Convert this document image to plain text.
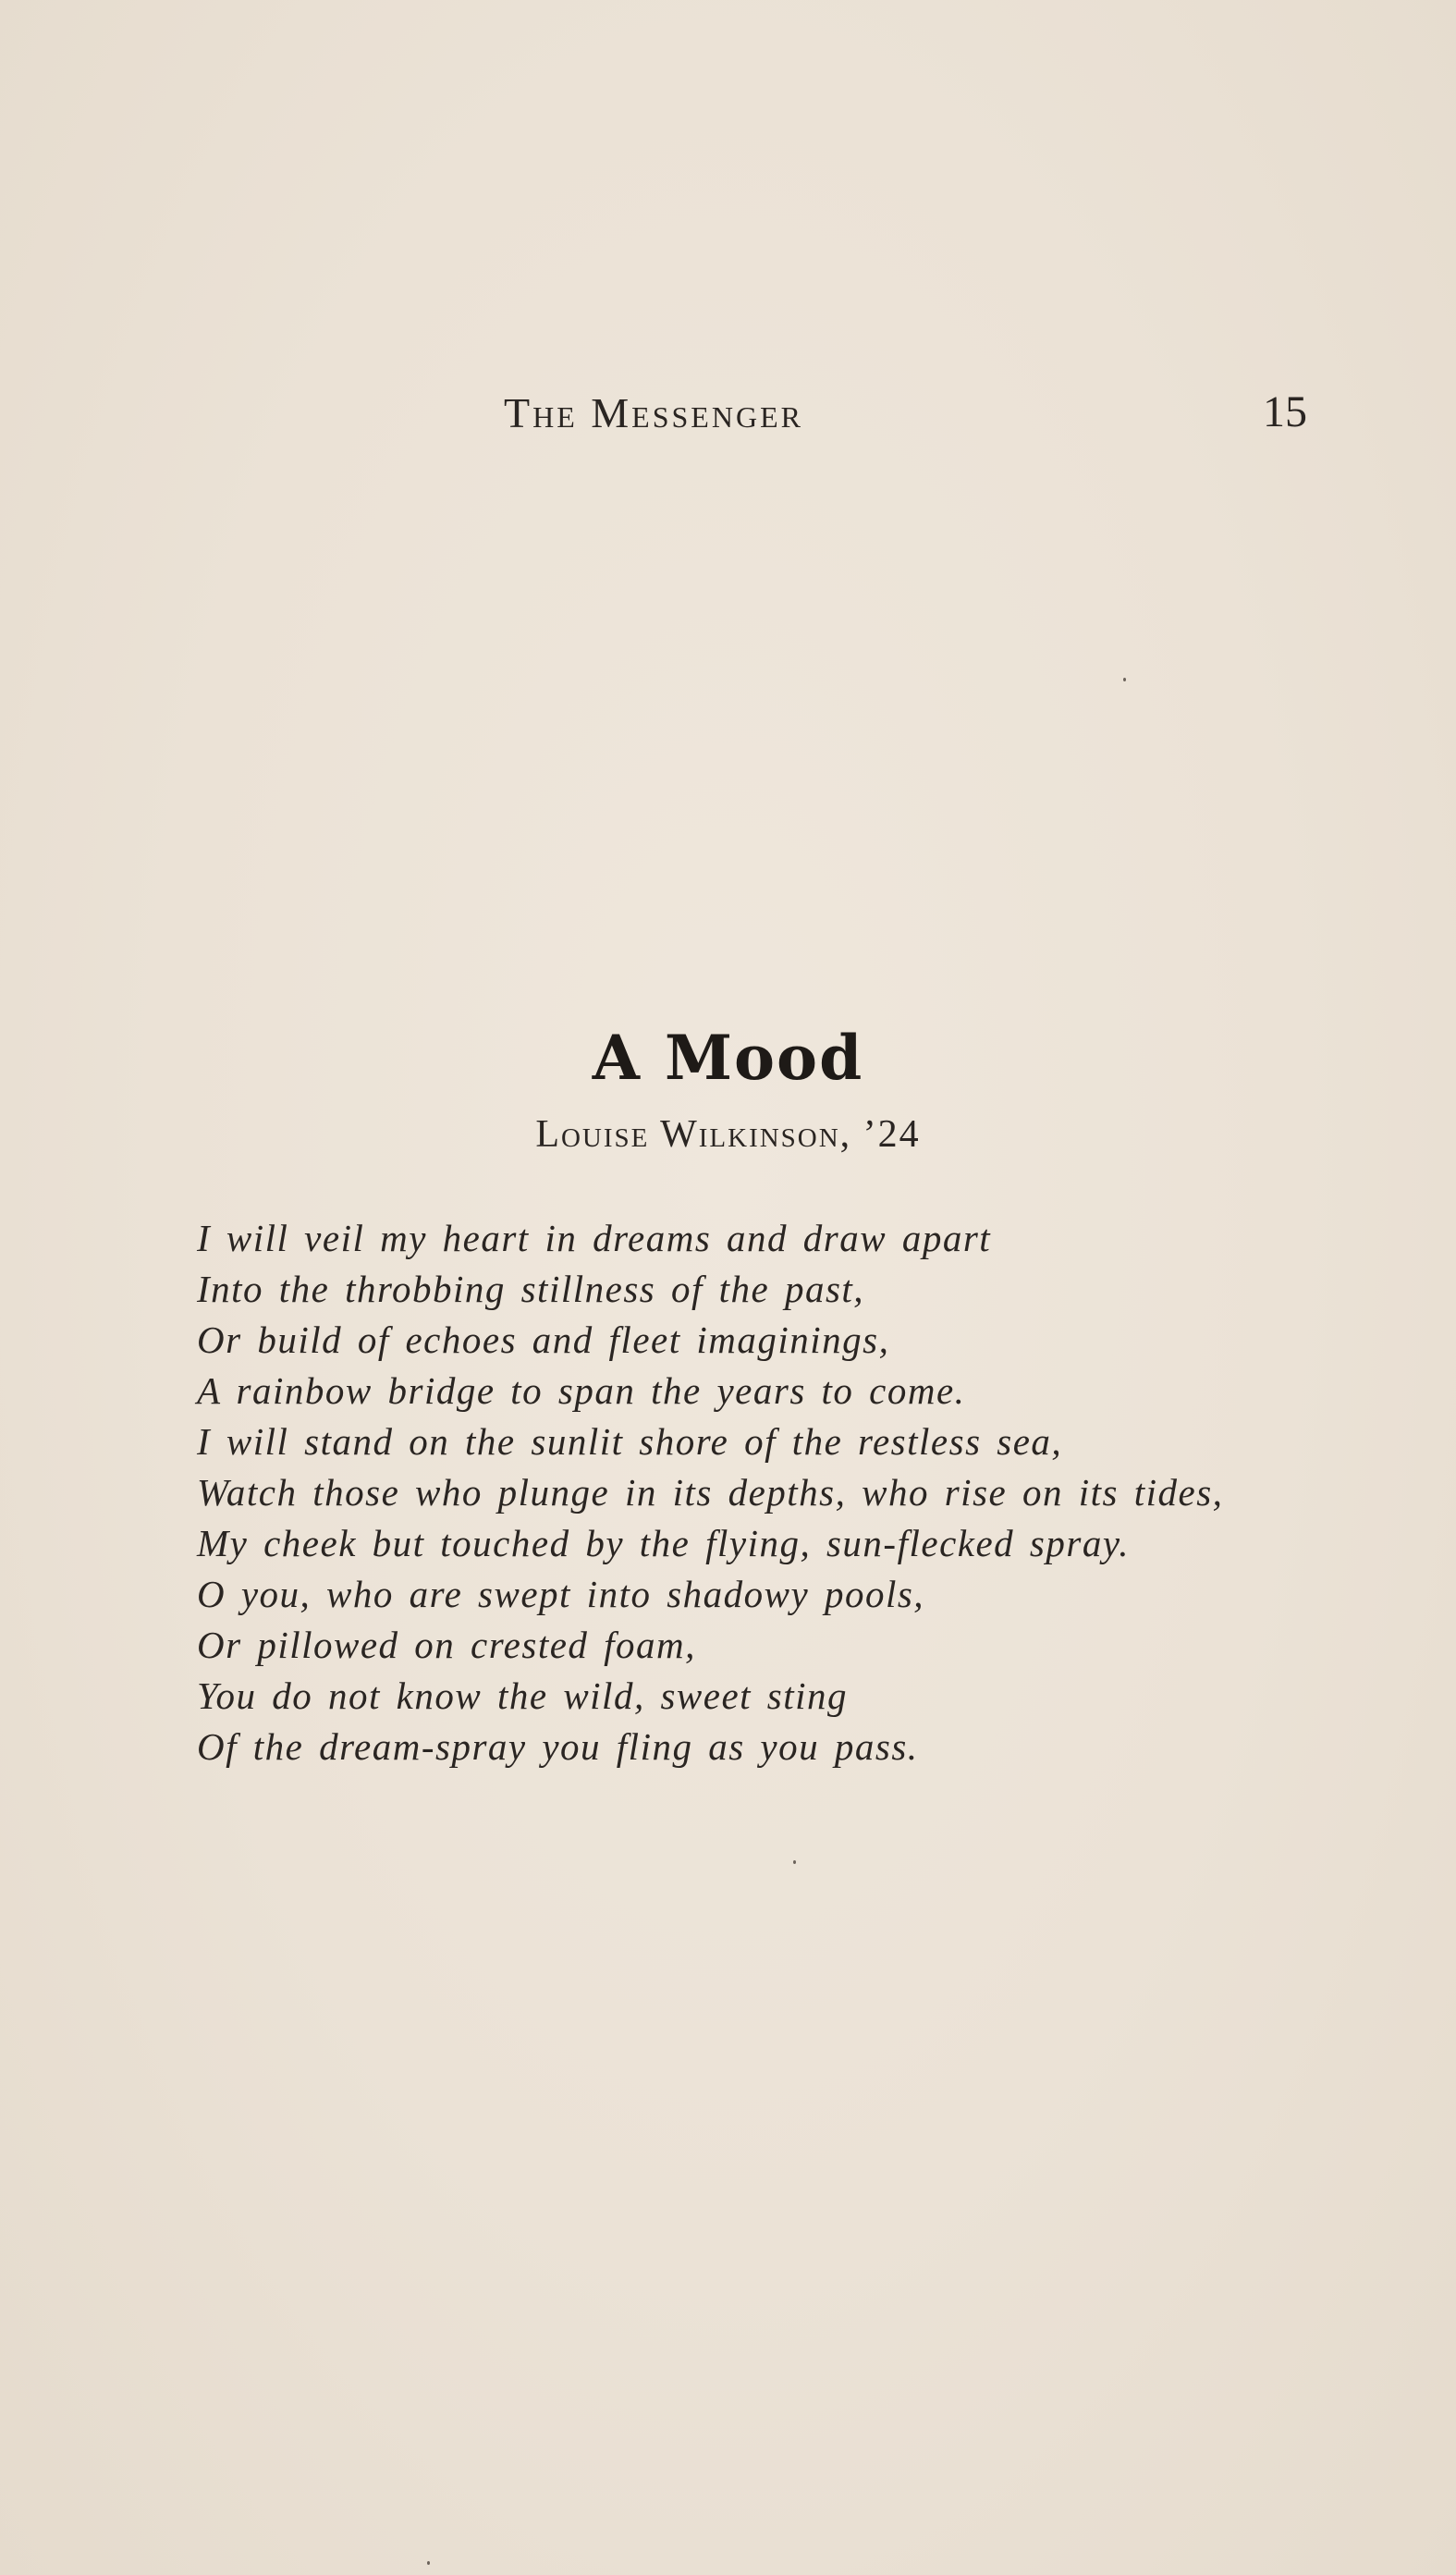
The Messenger	15
A Mood
Louise Wilkinson, ’24
I will veil my heart in dreams and draw apart
Into the throbbing stillness of the past,
Or build of echoes and fleet imaginings,
A rainbow bridge to span the years to come.
I will stand on the sunlit shore of the restless sea,
Watch those who plunge in its depths, who rise on its tides,
My cheek but touched by the flying, sun-flecked spray.
O you, who are swept into shadowy pools,
Or pillowed on crested foam,
You do not know the wild, sweet sting
Of the dream-spray you fling as you pass.
